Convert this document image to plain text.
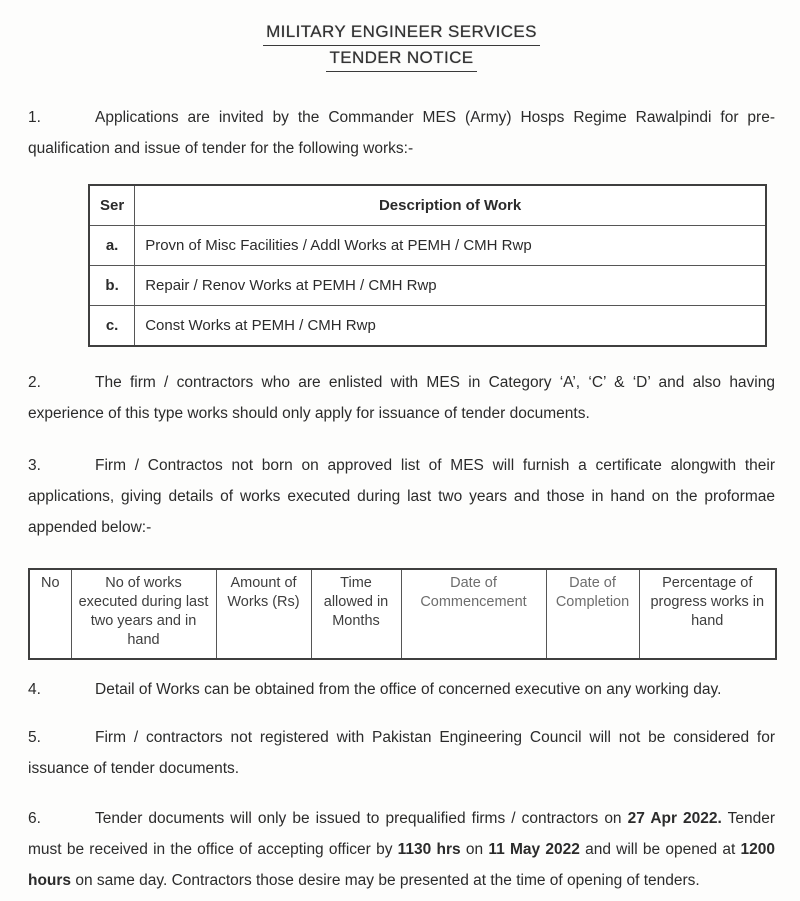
MILITARY ENGINEER SERVICES
TENDER NOTICE

1.	Applications are invited by the Commander MES (Army) Hosps Regime Rawalpindi for pre-qualification and issue of tender for the following works:-

Ser	Description of Work
a.	Provn of Misc Facilities / Addl Works at PEMH / CMH Rwp
b.	Repair / Renov Works at PEMH / CMH Rwp
c.	Const Works at PEMH / CMH Rwp

2.	The firm / contractors who are enlisted with MES in Category ‘A’, ‘C’ & ‘D’ and also having experience of this type works should only apply for issuance of tender documents.

3.	Firm / Contractos not born on approved list of MES will furnish a certificate alongwith their applications, giving details of works executed during last two years and those in hand on the proformae appended below:-

No	No of works executed during last two years and in hand	Amount of Works (Rs)	Time allowed in Months	Date of Commencement	Date of Completion	Percentage of progress works in hand

4.	Detail of Works can be obtained from the office of concerned executive on any working day.

5.	Firm / contractors not registered with Pakistan Engineering Council will not be considered for issuance of tender documents.

6.	Tender documents will only be issued to prequalified firms / contractors on 27 Apr 2022. Tender must be received in the office of accepting officer by 1130 hrs on 11 May 2022 and will be opened at 1200 hours on same day. Contractors those desire may be presented at the time of opening of tenders.
